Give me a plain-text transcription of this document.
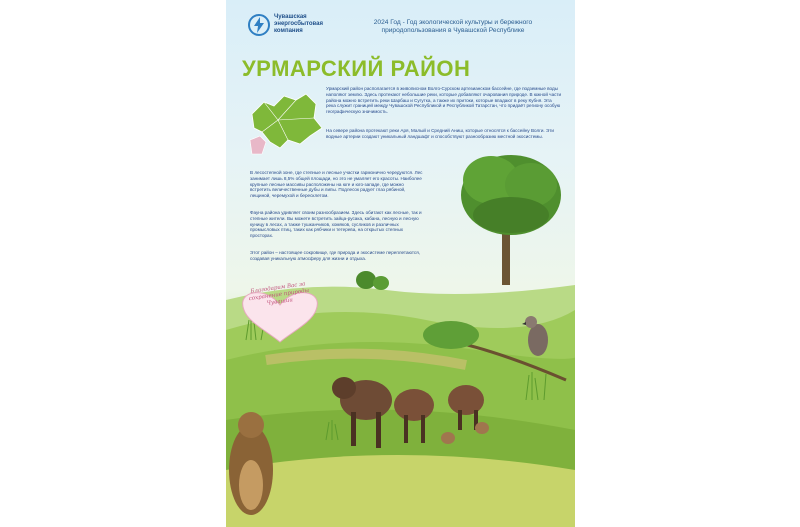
Чувашская энергосбытовая компания
2024 Год - Год экологической культуры и бережного природопользования в Чувашской Республике
УРМАРСКИЙ РАЙОН
Урмарский район располагается в живописном Волго-Сурском артезианском бассейне, где подземные воды наполяют землю. Здесь протекают небольшие реки, которые добавляют очарования природе. В южной части района можно встретить реки Шарбаш и Сугутка, а также их притоки, которые впадают в реку Кубня. Эта река служит границей между Чувашской Республикой и Республикой Татарстан, что придаёт региону особую географическую значимость.
На севере района протекают реки Аря, Малый и Средний Аниш, которые относятся к бассейну Волги. Эти водные артерии создают уникальный ландшафт и способствуют разнообразию местной экосистемы.
В лесостепной зоне, где степные и лесные участки гармонично чередуются. Лес занимает лишь 8,5% общей площади, но это не умаляет его красоты. Наиболее крупные лесные массивы расположены на юге и юго-западе, где можно встретить величественные дубы и липы. Подлесок радует глаз рябиной, лещиной, черемухой и бересклетом.
Фауна района удивляет своим разнообразием. Здесь обитают как лесные, так и степные жители. Вы можете встретить зайца-русака, кабана, лесную и лесную куницу в лесах, а также тушканчиков, хомяков, сусликов и различных промысловых птиц, таких как рябчики и тетерева, на открытых степных просторах.
Этот район – настоящее сокровище, где природа и экосистеме переплетаются, создавая уникальную атмосферу для жизни и отдыха.
Благодарим Вас за сохранение природы Чувашии
